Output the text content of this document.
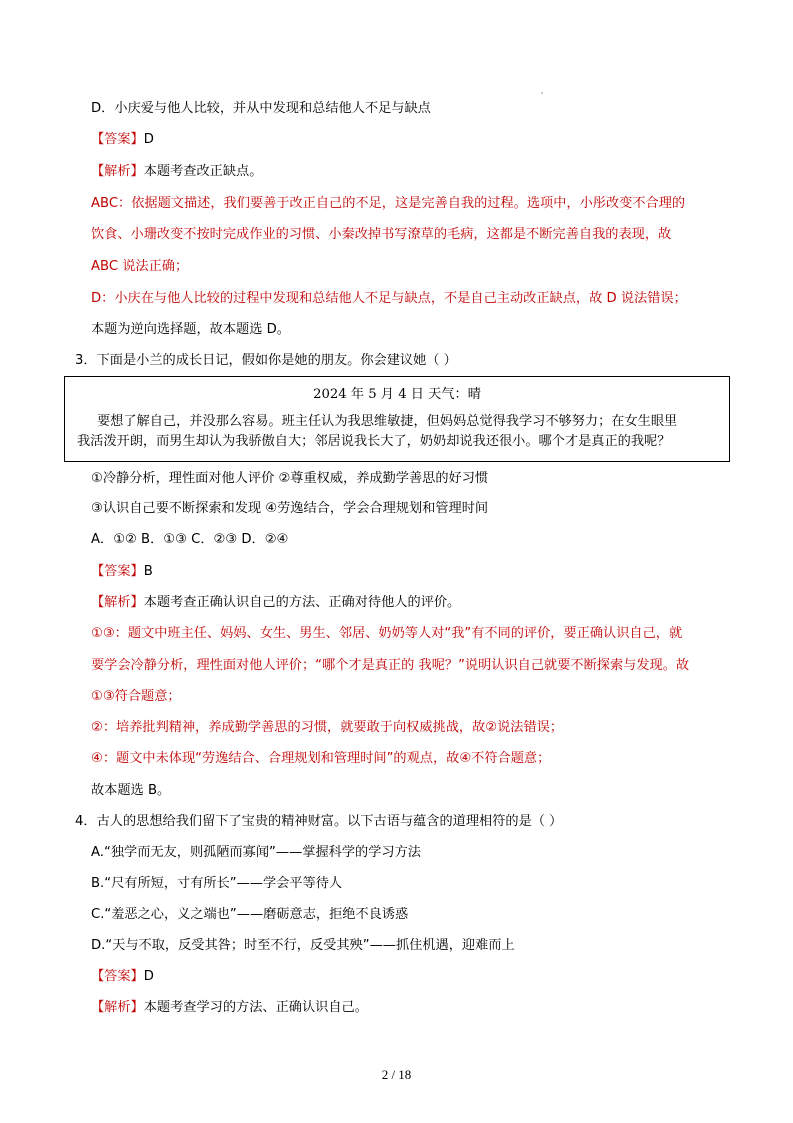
D．小庆爱与他人比较，并从中发现和总结他人不足与缺点
【答案】D
【解析】本题考查改正缺点。
ABC：依据题文描述，我们要善于改正自己的不足，这是完善自我的过程。选项中，小彤改变不合理的
饮食、小珊改变不按时完成作业的习惯、小秦改掉书写潦草的毛病，这都是不断完善自我的表现，故
ABC 说法正确；
D：小庆在与他人比较的过程中发现和总结他人不足与缺点，不是自己主动改正缺点，故 D 说法错误；
本题为逆向选择题，故本题选 D。
3．下面是小兰的成长日记，假如你是她的朋友。你会建议她（ ）
2024 年 5 月 4 日 天气：晴
要想了解自己，并没那么容易。班主任认为我思维敏捷，但妈妈总觉得我学习不够努力；在女生眼里
我活泼开朗，而男生却认为我骄傲自大；邻居说我长大了，奶奶却说我还很小。哪个才是真正的我呢？
①冷静分析，理性面对他人评价 ②尊重权威，养成勤学善思的好习惯
③认识自己要不断探索和发现 ④劳逸结合，学会合理规划和管理时间
A．①② B．①③ C．②③ D．②④
【答案】B
【解析】本题考查正确认识自己的方法、正确对待他人的评价。
①③：题文中班主任、妈妈、女生、男生、邻居、奶奶等人对“我”有不同的评价，要正确认识自己，就
要学会冷静分析，理性面对他人评价；“哪个才是真正的 我呢？”说明认识自己就要不断探索与发现。故
①③符合题意；
②：培养批判精神，养成勤学善思的习惯，就要敢于向权威挑战，故②说法错误；
④：题文中未体现“劳逸结合、合理规划和管理时间”的观点，故④不符合题意；
故本题选 B。
4．古人的思想给我们留下了宝贵的精神财富。以下古语与蕴含的道理相符的是（ ）
A.“独学而无友，则孤陋而寡闻”——掌握科学的学习方法
B.“尺有所短，寸有所长”——学会平等待人
C.“羞恶之心，义之端也”——磨砺意志，拒绝不良诱惑
D.“天与不取，反受其咎；时至不行，反受其殃”——抓住机遇，迎难而上
【答案】D
【解析】本题考查学习的方法、正确认识自己。
2 / 18
